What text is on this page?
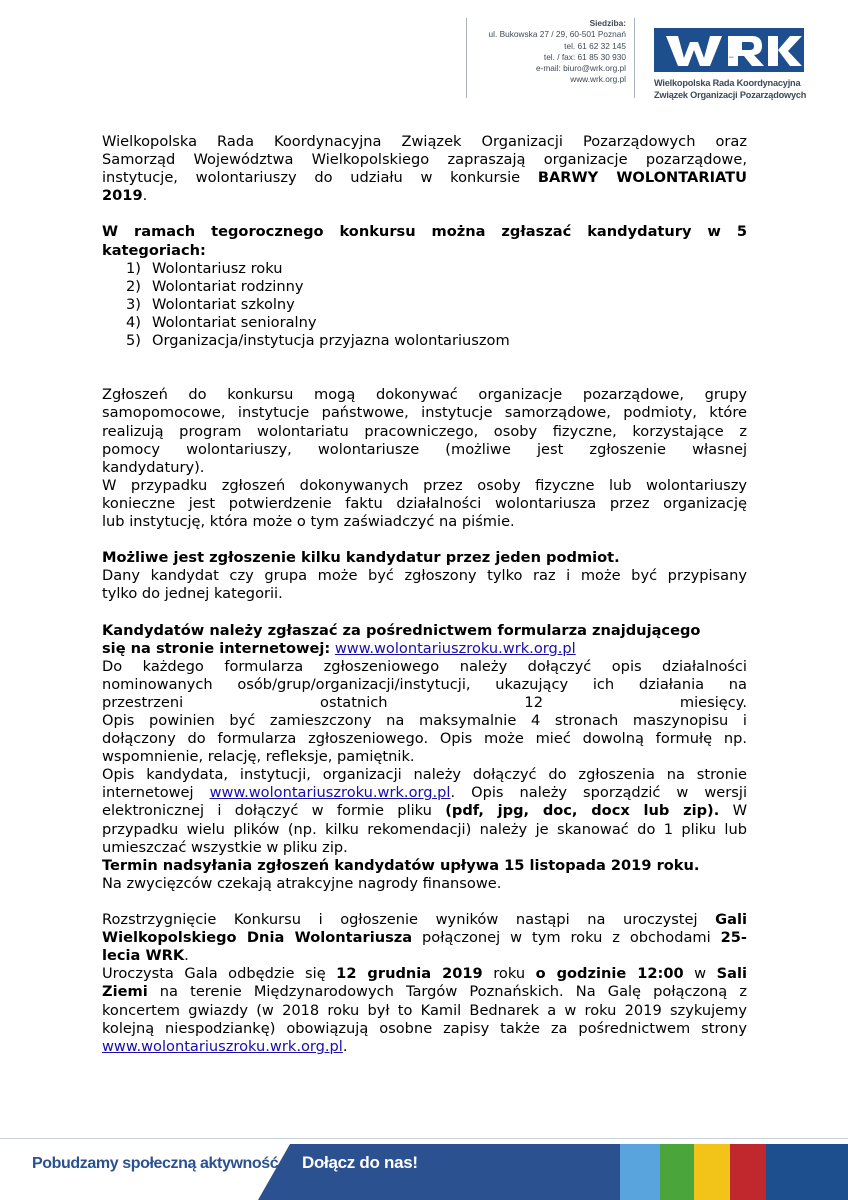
Siedziba:
ul. Bukowska 27 / 29, 60-501 Poznań
tel. 61 62 32 145
tel. / fax: 61 85 30 930
e-mail: biuro@wrk.org.pl
www.wrk.org.pl
WRK
Wielkopolska Rada Koordynacyjna
Związek Organizacji Pozarządowych

Wielkopolska Rada Koordynacyjna Związek Organizacji Pozarządowych oraz

Samorząd Województwa Wielkopolskiego zapraszają organizacje pozarządowe,

instytucje, wolontariuszy do udziału w konkursie BARWY WOLONTARIATU

2019.

W ramach tegorocznego konkursu można zgłaszać kandydatury w 5

kategoriach:

1) Wolontariusz roku
2) Wolontariat rodzinny
3) Wolontariat szkolny
4) Wolontariat senioralny
5) Organizacja/instytucja przyjazna wolontariuszom

Zgłoszeń do konkursu mogą dokonywać organizacje pozarządowe, grupy

samopomocowe, instytucje państwowe, instytucje samorządowe, podmioty, które

realizują program wolontariatu pracowniczego, osoby fizyczne, korzystające z

pomocy wolontariuszy, wolontariusze (możliwe jest zgłoszenie własnej

kandydatury).

W przypadku zgłoszeń dokonywanych przez osoby fizyczne lub wolontariuszy

konieczne jest potwierdzenie faktu działalności wolontariusza przez organizację

lub instytucję, która może o tym zaświadczyć na piśmie.

Możliwe jest zgłoszenie kilku kandydatur przez jeden podmiot.

Dany kandydat czy grupa może być zgłoszony tylko raz i może być przypisany

tylko do jednej kategorii.

Kandydatów należy zgłaszać za pośrednictwem formularza znajdującego

się na stronie internetowej: www.wolontariuszroku.wrk.org.pl

Do każdego formularza zgłoszeniowego należy dołączyć opis działalności

nominowanych osób/grup/organizacji/instytucji, ukazujący ich działania na

przestrzeni ostatnich 12 miesięcy.

Opis powinien być zamieszczony na maksymalnie 4 stronach maszynopisu i

dołączony do formularza zgłoszeniowego. Opis może mieć dowolną formułę np.

wspomnienie, relację, refleksje, pamiętnik.

Opis kandydata, instytucji, organizacji należy dołączyć do zgłoszenia na stronie

internetowej www.wolontariuszroku.wrk.org.pl. Opis należy sporządzić w wersji

elektronicznej i dołączyć w formie pliku (pdf, jpg, doc, docx lub zip). W

przypadku wielu plików (np. kilku rekomendacji) należy je skanować do 1 pliku lub

umieszczać wszystkie w pliku zip.

Termin nadsyłania zgłoszeń kandydatów upływa 15 listopada 2019 roku.

Na zwycięzców czekają atrakcyjne nagrody finansowe.

Rozstrzygnięcie Konkursu i ogłoszenie wyników nastąpi na uroczystej Gali

Wielkopolskiego Dnia Wolontariusza połączonej w tym roku z obchodami 25-

lecia WRK.

Uroczysta Gala odbędzie się 12 grudnia 2019 roku o godzinie 12:00 w Sali

Ziemi na terenie Międzynarodowych Targów Poznańskich. Na Galę połączoną z

koncertem gwiazdy (w 2018 roku był to Kamil Bednarek a w roku 2019 szykujemy

kolejną niespodziankę) obowiązują osobne zapisy także za pośrednictwem strony

www.wolontariuszroku.wrk.org.pl.

Pobudzamy społeczną aktywność. Dołącz do nas!
